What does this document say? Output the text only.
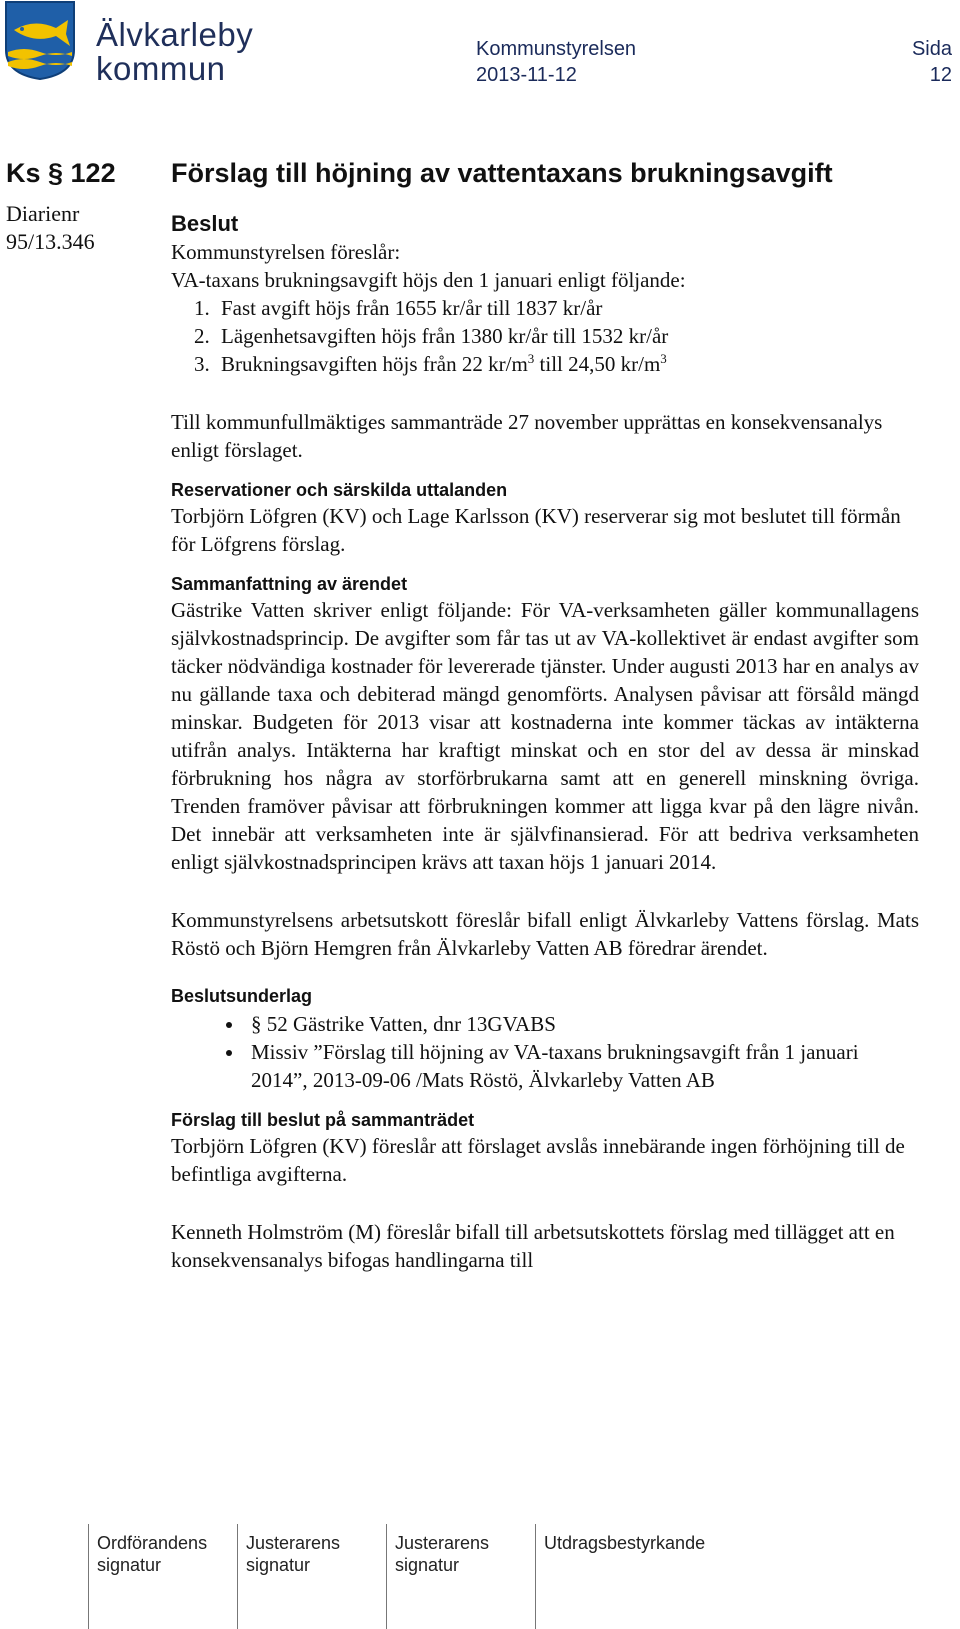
Älvkarleby
kommun
Kommunstyrelsen	Sida
2013-11-12	12
Ks § 122
Diarienr
95/13.346
Förslag till höjning av vattentaxans brukningsavgift
Beslut

Kommunstyrelsen föreslår:

VA-taxans brukningsavgift höjs den 1 januari enligt följande:

1. Fast avgift höjs från 1655 kr/år till 1837 kr/år
2. Lägenhetsavgiften höjs från 1380 kr/år till 1532 kr/år
3. Brukningsavgiften höjs från 22 $kr/m^3$ till 24,50 $kr/m^3$

Till kommunfullmäktiges sammanträde 27 november upprättas en konsekvensanalys enligt förslaget.

Reservationer och särskilda uttalanden

Torbjörn Löfgren (KV) och Lage Karlsson (KV) reserverar sig mot beslutet till förmån för Löfgrens förslag.

Sammanfattning av ärendet

Gästrike Vatten skriver enligt följande: För VA-verksamheten gäller kommunallagens självkostnadsprincip. De avgifter som får tas ut av VA-kollektivet är endast avgifter som täcker nödvändiga kostnader för levererade tjänster. Under augusti 2013 har en analys av nu gällande taxa och debiterad mängd genomförts. Analysen påvisar att försåld mängd minskar. Budgeten för 2013 visar att kostnaderna inte kommer täckas av intäkterna utifrån analys. Intäkterna har kraftigt minskat och en stor del av dessa är minskad förbrukning hos några av storförbrukarna samt att en generell minskning övriga. Trenden framöver påvisar att förbrukningen kommer att ligga kvar på den lägre nivån. Det innebär att verksamheten inte är självfinansierad. För att bedriva verksamheten enligt självkostnadsprincipen krävs att taxan höjs 1 januari 2014.

Kommunstyrelsens arbetsutskott föreslår bifall enligt Älvkarleby Vattens förslag. Mats Röstö och Björn Hemgren från Älvkarleby Vatten AB föredrar ärendet.

Beslutsunderlag
• § 52 Gästrike Vatten, dnr 13GVABS
• Missiv ”Förslag till höjning av VA-taxans brukningsavgift från 1 januari 2014”, 2013-09-06 /Mats Röstö, Älvkarleby Vatten AB
Förslag till beslut på sammanträdet

Torbjörn Löfgren (KV) föreslår att förslaget avslås innebärande ingen förhöjning till de befintliga avgifterna.

Kenneth Holmström (M) föreslår bifall till arbetsutskottets förslag med tillägget att en konsekvensanalys bifogas handlingarna till

Ordförandens
signatur
Justerarens
signatur
Justerarens
signatur
Utdragsbestyrkande
